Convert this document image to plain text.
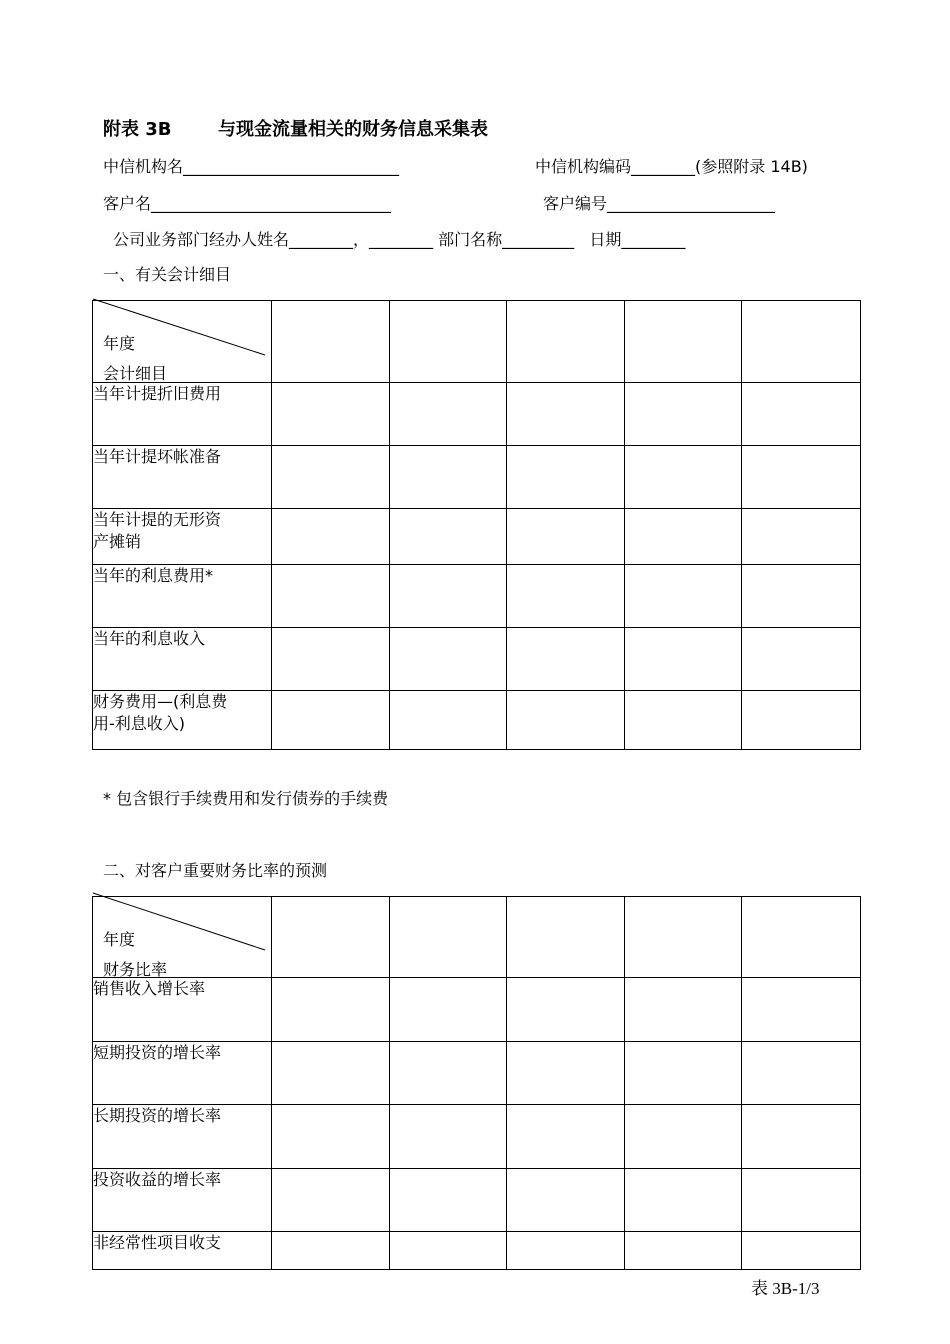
附表 3B	与现金流量相关的财务信息采集表
中信机构名___________________________	中信机构编码________(参照附录 14B)
客户名______________________________	客户编号_____________________
公司业务部门经办人姓名________，________ 部门名称_________   日期________
一、有关会计细目
年度
会计细目					

当年计提折旧费用					

当年计提坏帐准备					

当年计提的无形资
产摊销					

当年的利息费用*					

当年的利息收入					

财务费用—(利息费
用-利息收入)					

* 包含银行手续费用和发行债券的手续费
二、对客户重要财务比率的预测
年度
财务比率					

销售收入增长率					
短期投资的增长率					
长期投资的增长率					
投资收益的增长率					
非经常性项目收支					
表 3B-1/3
